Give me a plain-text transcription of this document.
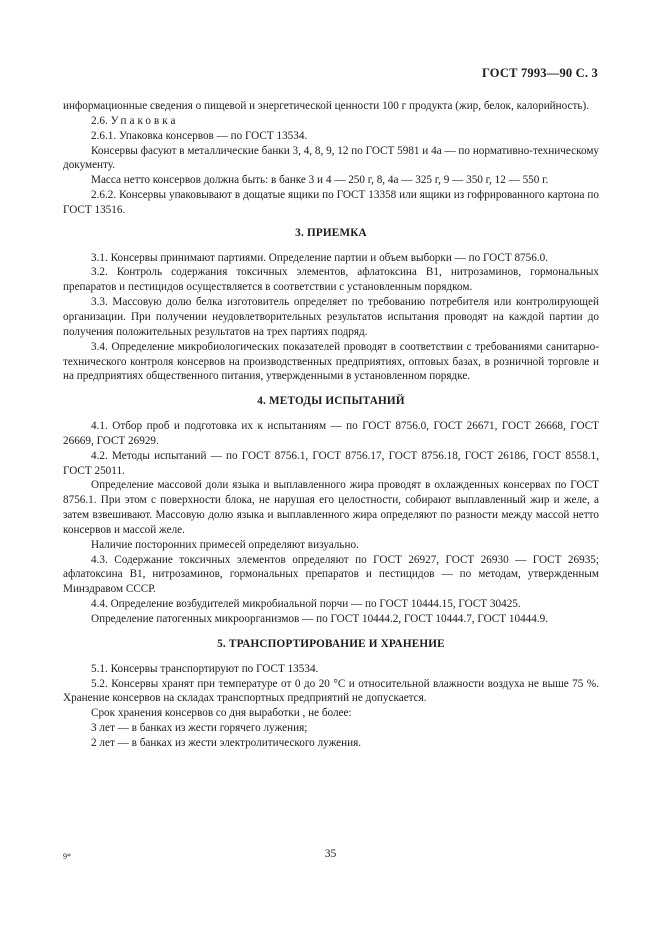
ГОСТ 7993—90 С. 3

информационные сведения о пищевой и энергетической ценности 100 г продукта (жир, белок, калорийность).

2.6. Упаковка

2.6.1. Упаковка консервов — по ГОСТ 13534.

Консервы фасуют в металлические банки 3, 4, 8, 9, 12 по ГОСТ 5981 и 4а — по нормативно-техническому документу.

Масса нетто консервов должна быть: в банке 3 и 4 — 250 г, 8, 4а — 325 г, 9 — 350 г, 12 — 550 г.

2.6.2. Консервы упаковывают в дощатые ящики по ГОСТ 13358 или ящики из гофрированного картона по ГОСТ 13516.

3. ПРИЕМКА

3.1. Консервы принимают партиями. Определение партии и объем выборки — по ГОСТ 8756.0.

3.2. Контроль содержания токсичных элементов, афлатоксина В1, нитрозаминов, гормональных препаратов и пестицидов осуществляется в соответствии с установленным порядком.

3.3. Массовую долю белка изготовитель определяет по требованию потребителя или контролирующей организации. При получении неудовлетворительных результатов испытания проводят на каждой партии до получения положительных результатов на трех партиях подряд.

3.4. Определение микробиологических показателей проводят в соответствии с требованиями санитарно-технического контроля консервов на производственных предприятиях, оптовых базах, в розничной торговле и на предприятиях общественного питания, утвержденными в установленном порядке.

4. МЕТОДЫ ИСПЫТАНИЙ

4.1. Отбор проб и подготовка их к испытаниям — по ГОСТ 8756.0, ГОСТ 26671, ГОСТ 26668, ГОСТ 26669, ГОСТ 26929.

4.2. Методы испытаний — по ГОСТ 8756.1, ГОСТ 8756.17, ГОСТ 8756.18, ГОСТ 26186, ГОСТ 8558.1, ГОСТ 25011.

Определение массовой доли языка и выплавленного жира проводят в охлажденных консервах по ГОСТ 8756.1. При этом с поверхности блока, не нарушая его целостности, собирают выплавленный жир и желе, а затем взвешивают. Массовую долю языка и выплавленного жира определяют по разности между массой нетто консервов и массой желе.

Наличие посторонних примесей определяют визуально.

4.3. Содержание токсичных элементов определяют по ГОСТ 26927, ГОСТ 26930 — ГОСТ 26935; афлатоксина В1, нитрозаминов, гормональных препаратов и пестицидов — по методам, утвержденным Минздравом СССР.

4.4. Определение возбудителей микробиальной порчи — по ГОСТ 10444.15, ГОСТ 30425.

Определение патогенных микроорганизмов — по ГОСТ 10444.2, ГОСТ 10444.7, ГОСТ 10444.9.

5. ТРАНСПОРТИРОВАНИЕ И ХРАНЕНИЕ

5.1. Консервы транспортируют по ГОСТ 13534.

5.2. Консервы хранят при температуре от 0 до 20 °С и относительной влажности воздуха не выше 75 %. Хранение консервов на складах транспортных предприятий не допускается.

Срок хранения консервов со дня выработки , не более:

3 лет — в банках из жести горячего лужения;

2 лет — в банках из жести электролитического лужения.

9*	35
